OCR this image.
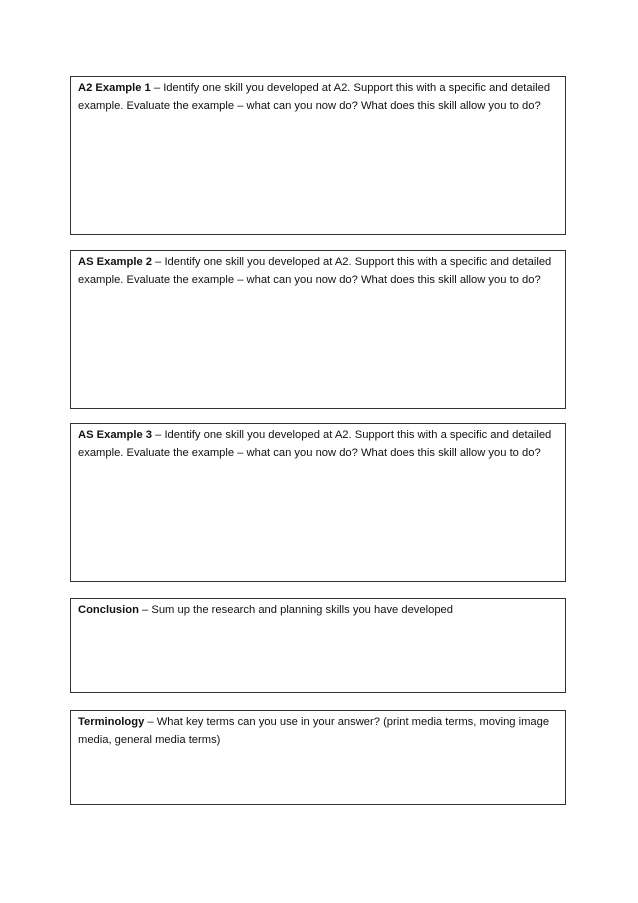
A2 Example 1 – Identify one skill you developed at A2. Support this with a specific and detailed example. Evaluate the example – what can you now do? What does this skill allow you to do?

AS Example 2 – Identify one skill you developed at A2. Support this with a specific and detailed example. Evaluate the example – what can you now do? What does this skill allow you to do?

AS Example 3 – Identify one skill you developed at A2. Support this with a specific and detailed example. Evaluate the example – what can you now do? What does this skill allow you to do?

Conclusion – Sum up the research and planning skills you have developed

Terminology – What key terms can you use in your answer? (print media terms, moving image media, general media terms)
